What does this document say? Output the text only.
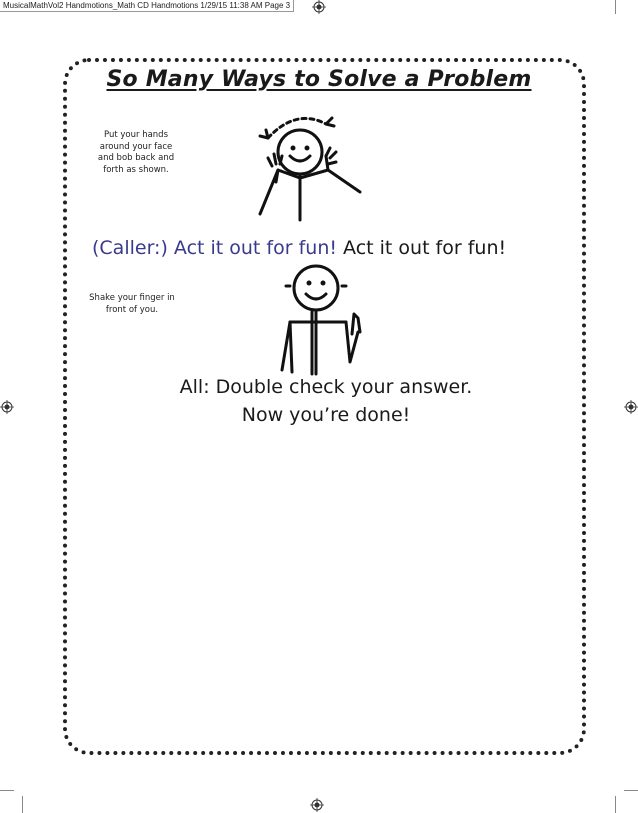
MusicalMathVol2 Handmotions_Math CD Handmotions 1/29/15 11:38 AM Page 3
So Many Ways to Solve a Problem
Put your hands around your face and bob back and forth as shown.
(Caller:) Act it out for fun! Act it out for fun!
Shake your finger in front of you.
All: Double check your answer.
Now you’re done!
